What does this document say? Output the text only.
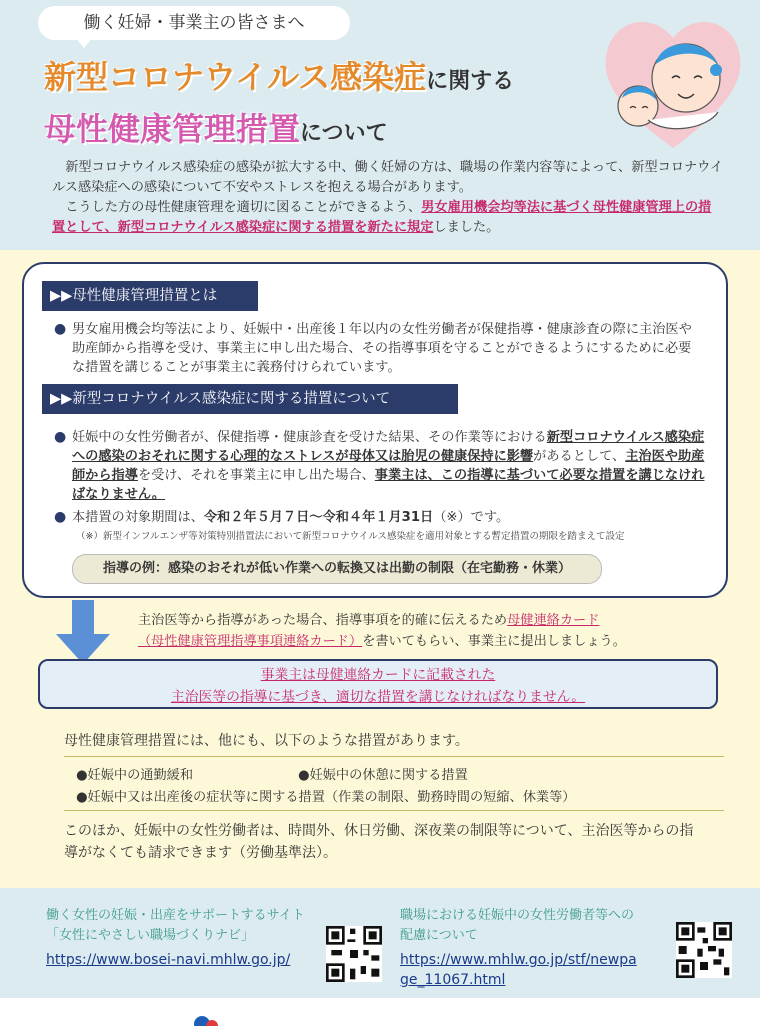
働く妊婦・事業主の皆さまへ
新型コロナウイルス感染症に関する
母性健康管理措置について

新型コロナウイルス感染症の感染が拡大する中、働く妊婦の方は、職場の作業内容等によって、新型コロナウイルス感染症への感染について不安やストレスを抱える場合があります。

こうした方の母性健康管理を適切に図ることができるよう、男女雇用機会均等法に基づく母性健康管理上の措置として、新型コロナウイルス感染症に関する措置を新たに規定しました。

▶▶母性健康管理措置とは
● 男女雇用機会均等法により、妊娠中・出産後１年以内の女性労働者が保健指導・健康診査の際に主治医や助産師から指導を受け、事業主に申し出た場合、その指導事項を守ることができるようにするために必要な措置を講じることが事業主に義務付けられています。
▶▶新型コロナウイルス感染症に関する措置について
● 妊娠中の女性労働者が、保健指導・健康診査を受けた結果、その作業等における新型コロナウイルス感染症への感染のおそれに関する心理的なストレスが母体又は胎児の健康保持に影響があるとして、主治医や助産師から指導を受け、それを事業主に申し出た場合、事業主は、この指導に基づいて必要な措置を講じなければなりません。
● 本措置の対象期間は、令和２年５月７日〜令和４年１月31日（※）です。
（※）新型インフルエンザ等対策特別措置法において新型コロナウイルス感染症を適用対象とする暫定措置の期限を踏まえて設定
指導の例：感染のおそれが低い作業への転換又は出勤の制限（在宅勤務・休業）
主治医等から指導があった場合、指導事項を的確に伝えるため母健連絡カード
（母性健康管理指導事項連絡カード）を書いてもらい、事業主に提出しましょう。
事業主は母健連絡カードに記載された
主治医等の指導に基づき、適切な措置を講じなければなりません。
母性健康管理措置には、他にも、以下のような措置があります。
●妊娠中の通勤緩和	●妊娠中の休憩に関する措置
●妊娠中又は出産後の症状等に関する措置（作業の制限、勤務時間の短縮、休業等）
このほか、妊娠中の女性労働者は、時間外、休日労働、深夜業の制限等について、主治医等からの指導がなくても請求できます（労働基準法）。
働く女性の妊娠・出産をサポートするサイト
「女性にやさしい職場づくりナビ」
https://www.bosei-navi.mhlw.go.jp/
職場における妊娠中の女性労働者等への
配慮について
https://www.mhlw.go.jp/stf/newpa
ge_11067.html
